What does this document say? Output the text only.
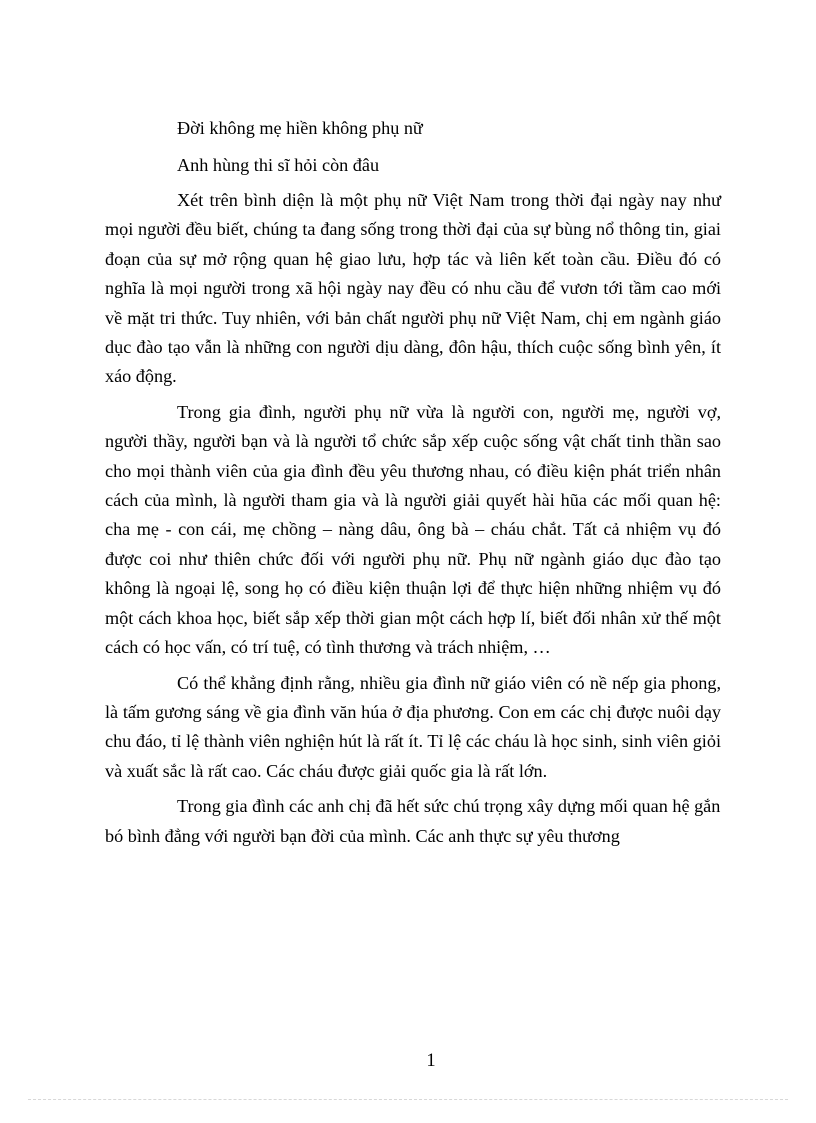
Đời không mẹ hiền không phụ nữ

Anh hùng thi sĩ hỏi còn đâu

Xét trên bình diện là một phụ nữ Việt Nam trong thời đại ngày nay như mọi người đều biết, chúng ta đang sống trong thời đại của sự bùng nổ thông tin, giai đoạn của sự mở rộng quan hệ giao lưu, hợp tác và liên kết toàn cầu. Điều đó có nghĩa là mọi người trong xã hội ngày nay đều có nhu cầu để vươn tới tầm cao mới về mặt tri thức. Tuy nhiên, với bản chất người phụ nữ Việt Nam, chị em ngành giáo dục đào tạo vẫn là những con người dịu dàng, đôn hậu, thích cuộc sống bình yên, ít xáo động.

Trong gia đình, người phụ nữ vừa là người con, người mẹ, người vợ, người thầy, người bạn và là người tổ chức sắp xếp cuộc sống vật chất tinh thần sao cho mọi thành viên của gia đình đều yêu thương nhau, có điều kiện phát triển nhân cách của mình, là người tham gia và là người giải quyết hài hũa các mối quan hệ: cha mẹ - con cái, mẹ chồng – nàng dâu, ông bà – cháu chắt. Tất cả nhiệm vụ đó được coi như thiên chức đối với người phụ nữ. Phụ nữ ngành giáo dục đào tạo không là ngoại lệ, song họ có điều kiện thuận lợi để thực hiện những nhiệm vụ đó một cách khoa học, biết sắp xếp thời gian một cách hợp lí, biết đối nhân xử thế một cách có học vấn, có trí tuệ, có tình thương và trách nhiệm, …

Có thể khẳng định rằng, nhiều gia đình nữ giáo viên có nề nếp gia phong, là tấm gương sáng về gia đình văn húa ở địa phương. Con em các chị được nuôi dạy chu đáo, tỉ lệ thành viên nghiện hút là rất ít. Tỉ lệ các cháu là học sinh, sinh viên giỏi và xuất sắc là rất cao. Các cháu được giải quốc gia là rất lớn.

Trong gia đình các anh chị đã hết sức chú trọng xây dựng mối quan hệ gắn bó bình đẳng với người bạn đời của mình. Các anh thực sự yêu thương

1
